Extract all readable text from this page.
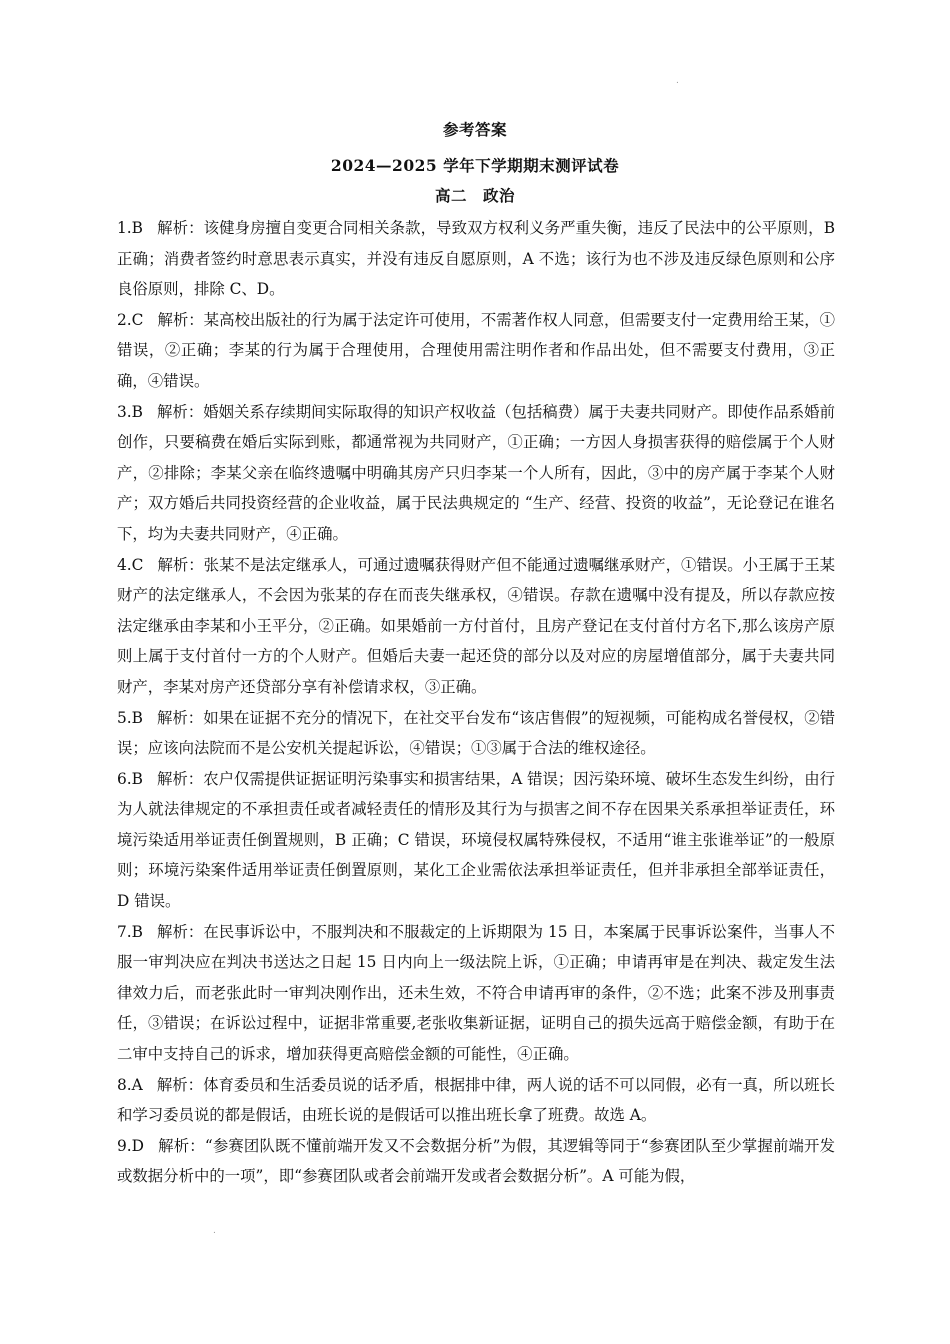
.
参考答案
2024—2025 学年下学期期末测评试卷
高二　政治

1.B 解析：该健身房擅自变更合同相关条款，导致双方权利义务严重失衡，违反了民法中的公平原则，B 正确；消费者签约时意思表示真实，并没有违反自愿原则，A 不选；该行为也不涉及违反绿色原则和公序良俗原则，排除 C、D。

2.C 解析：某高校出版社的行为属于法定许可使用，不需著作权人同意，但需要支付一定费用给王某，①错误，②正确；李某的行为属于合理使用，合理使用需注明作者和作品出处，但不需要支付费用，③正确，④错误。

3.B 解析：婚姻关系存续期间实际取得的知识产权收益（包括稿费）属于夫妻共同财产。即使作品系婚前创作，只要稿费在婚后实际到账，都通常视为共同财产，①正确；一方因人身损害获得的赔偿属于个人财产，②排除；李某父亲在临终遗嘱中明确其房产只归李某一个人所有，因此，③中的房产属于李某个人财产；双方婚后共同投资经营的企业收益，属于民法典规定的 “生产、经营、投资的收益”，无论登记在谁名下，均为夫妻共同财产，④正确。

4.C 解析：张某不是法定继承人，可通过遗嘱获得财产但不能通过遗嘱继承财产，①错误。小王属于王某财产的法定继承人，不会因为张某的存在而丧失继承权，④错误。存款在遗嘱中没有提及，所以存款应按法定继承由李某和小王平分，②正确。如果婚前一方付首付，且房产登记在支付首付方名下,那么该房产原则上属于支付首付一方的个人财产。但婚后夫妻一起还贷的部分以及对应的房屋增值部分，属于夫妻共同财产，李某对房产还贷部分享有补偿请求权，③正确。

5.B 解析：如果在证据不充分的情况下，在社交平台发布“该店售假”的短视频，可能构成名誉侵权，②错误；应该向法院而不是公安机关提起诉讼，④错误；①③属于合法的维权途径。

6.B 解析：农户仅需提供证据证明污染事实和损害结果，A 错误；因污染环境、破坏生态发生纠纷，由行为人就法律规定的不承担责任或者减轻责任的情形及其行为与损害之间不存在因果关系承担举证责任，环境污染适用举证责任倒置规则，B 正确；C 错误，环境侵权属特殊侵权，不适用“谁主张谁举证”的一般原则；环境污染案件适用举证责任倒置原则，某化工企业需依法承担举证责任，但并非承担全部举证责任，D 错误。

7.B 解析：在民事诉讼中，不服判决和不服裁定的上诉期限为 15 日，本案属于民事诉讼案件，当事人不服一审判决应在判决书送达之日起 15 日内向上一级法院上诉，①正确；申请再审是在判决、裁定发生法律效力后，而老张此时一审判决刚作出，还未生效，不符合申请再审的条件，②不选；此案不涉及刑事责任，③错误；在诉讼过程中，证据非常重要,老张收集新证据，证明自己的损失远高于赔偿金额，有助于在二审中支持自己的诉求，增加获得更高赔偿金额的可能性，④正确。

8.A 解析：体育委员和生活委员说的话矛盾，根据排中律，两人说的话不可以同假，必有一真，所以班长和学习委员说的都是假话，由班长说的是假话可以推出班长拿了班费。故选 A。

9.D 解析：“参赛团队既不懂前端开发又不会数据分析”为假，其逻辑等同于“参赛团队至少掌握前端开发或数据分析中的一项”，即“参赛团队或者会前端开发或者会数据分析”。A 可能为假，

.
